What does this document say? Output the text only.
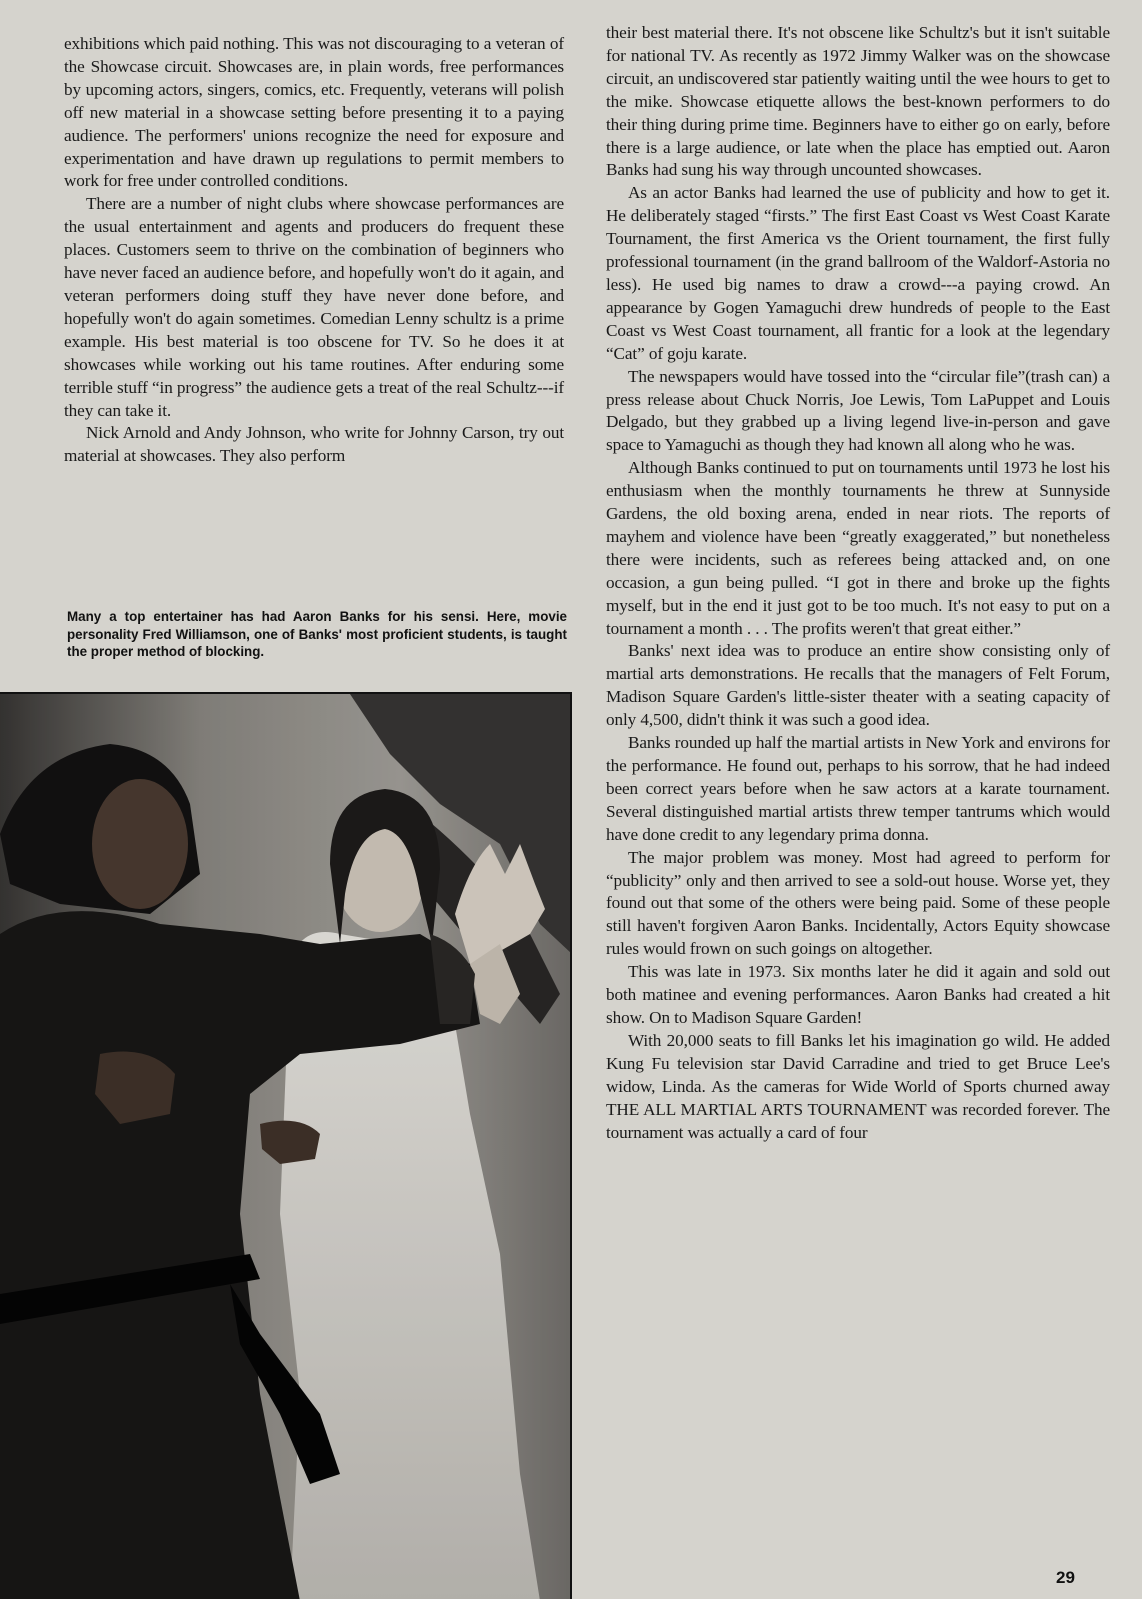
exhibitions which paid nothing. This was not discouraging to a veteran of the Showcase circuit. Showcases are, in plain words, free performances by upcoming actors, singers, comics, etc. Frequently, veterans will polish off new material in a showcase setting before presenting it to a paying audience. The performers' unions recognize the need for exposure and experimentation and have drawn up regulations to permit members to work for free under controlled conditions.

There are a number of night clubs where showcase performances are the usual entertainment and agents and producers do frequent these places. Customers seem to thrive on the combination of beginners who have never faced an audience before, and hopefully won't do it again, and veteran performers doing stuff they have never done before, and hopefully won't do again sometimes. Comedian Lenny schultz is a prime example. His best material is too obscene for TV. So he does it at showcases while working out his tame routines. After enduring some terrible stuff “in progress” the audience gets a treat of the real Schultz---if they can take it.

Nick Arnold and Andy Johnson, who write for Johnny Carson, try out material at showcases. They also perform

Many a top entertainer has had Aaron Banks for his sensi. Here, movie personality Fred Williamson, one of Banks' most proficient students, is taught the proper method of blocking.

their best material there. It's not obscene like Schultz's but it isn't suitable for national TV. As recently as 1972 Jimmy Walker was on the showcase circuit, an undiscovered star patiently waiting until the wee hours to get to the mike. Showcase etiquette allows the best-known performers to do their thing during prime time. Beginners have to either go on early, before there is a large audience, or late when the place has emptied out. Aaron Banks had sung his way through uncounted showcases.

As an actor Banks had learned the use of publicity and how to get it. He deliberately staged “firsts.” The first East Coast vs West Coast Karate Tournament, the first America vs the Orient tournament, the first fully professional tournament (in the grand ballroom of the Waldorf-Astoria no less). He used big names to draw a crowd---a paying crowd. An appearance by Gogen Yamaguchi drew hundreds of people to the East Coast vs West Coast tournament, all frantic for a look at the legendary “Cat” of goju karate.

The newspapers would have tossed into the “circular file”(trash can) a press release about Chuck Norris, Joe Lewis, Tom LaPuppet and Louis Delgado, but they grabbed up a living legend live-in-person and gave space to Yamaguchi as though they had known all along who he was.

Although Banks continued to put on tournaments until 1973 he lost his enthusiasm when the monthly tournaments he threw at Sunnyside Gardens, the old boxing arena, ended in near riots. The reports of mayhem and violence have been “greatly exaggerated,” but nonetheless there were incidents, such as referees being attacked and, on one occasion, a gun being pulled. “I got in there and broke up the fights myself, but in the end it just got to be too much. It's not easy to put on a tournament a month . . . The profits weren't that great either.”

Banks' next idea was to produce an entire show consisting only of martial arts demonstrations. He recalls that the managers of Felt Forum, Madison Square Garden's little-sister theater with a seating capacity of only 4,500, didn't think it was such a good idea.

Banks rounded up half the martial artists in New York and environs for the performance. He found out, perhaps to his sorrow, that he had indeed been correct years before when he saw actors at a karate tournament. Several distinguished martial artists threw temper tantrums which would have done credit to any legendary prima donna.

The major problem was money. Most had agreed to perform for “publicity” only and then arrived to see a sold-out house. Worse yet, they found out that some of the others were being paid. Some of these people still haven't forgiven Aaron Banks. Incidentally, Actors Equity showcase rules would frown on such goings on altogether.

This was late in 1973. Six months later he did it again and sold out both matinee and evening performances. Aaron Banks had created a hit show. On to Madison Square Garden!

With 20,000 seats to fill Banks let his imagination go wild. He added Kung Fu television star David Carradine and tried to get Bruce Lee's widow, Linda. As the cameras for Wide World of Sports churned away THE ALL MARTIAL ARTS TOURNAMENT was recorded forever. The tournament was actually a card of four

29
